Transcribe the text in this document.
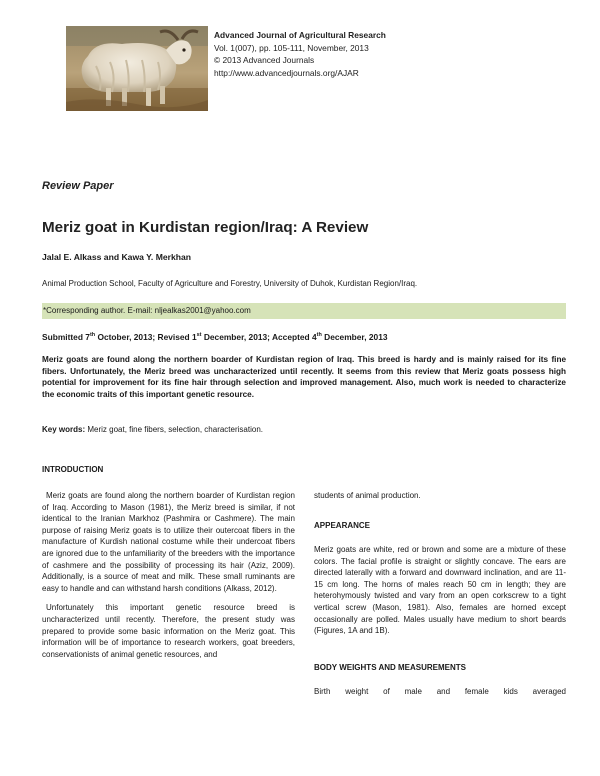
Advanced Journal of Agricultural Research
Vol. 1(007), pp. 105-111, November, 2013
© 2013 Advanced Journals
http://www.advancedjournals.org/AJAR
Review Paper
Meriz goat in Kurdistan region/Iraq: A Review
Jalal E. Alkass and Kawa Y. Merkhan
Animal Production School, Faculty of Agriculture and Forestry, University of Duhok, Kurdistan Region/Iraq.
*Corresponding author. E-mail: nljealkas2001@yahoo.com
Submitted 7th October, 2013; Revised 1st December, 2013; Accepted 4th December, 2013
Meriz goats are found along the northern boarder of Kurdistan region of Iraq. This breed is hardy and is mainly raised for its fine fibers. Unfortunately, the Meriz breed was uncharacterized until recently. It seems from this review that Meriz goats possess high potential for improvement for its fine hair through selection and improved management. Also, much work is needed to characterize the economic traits of this important genetic resource.
Key words: Meriz goat, fine fibers, selection, characterisation.
INTRODUCTION

Meriz goats are found along the northern boarder of Kurdistan region of Iraq. According to Mason (1981), the Meriz breed is similar, if not identical to the Iranian Markhoz (Pashmira or Cashmere). The main purpose of raising Meriz goats is to utilize their outercoat fibers in the manufacture of Kurdish national costume while their undercoat fibers are ignored due to the unfamiliarity of the breeders with the importance of cashmere and the possibility of processing its hair (Aziz, 2009). Additionally, is a source of meat and milk. These small ruminants are easy to handle and can withstand harsh conditions (Alkass, 2012).

Unfortunately this important genetic resource breed is uncharacterized until recently. Therefore, the present study was prepared to provide some basic information on the Meriz goat. This information will be of importance to research workers, goat breeders, conservationists of animal genetic resources, and

students of animal production.
APPEARANCE
Meriz goats are white, red or brown and some are a mixture of these colors. The facial profile is straight or slightly concave. The ears are directed laterally with a forward and downward inclination, and are 11-15 cm long. The horns of males reach 50 cm in length; they are heterohymously twisted and vary from an open corkscrew to a tight vertical screw (Mason, 1981). Also, females are horned except occasionally are polled. Males usually have medium to short beards (Figures, 1A and 1B).
BODY WEIGHTS AND MEASUREMENTS
Birth weight of male and female kids averaged
